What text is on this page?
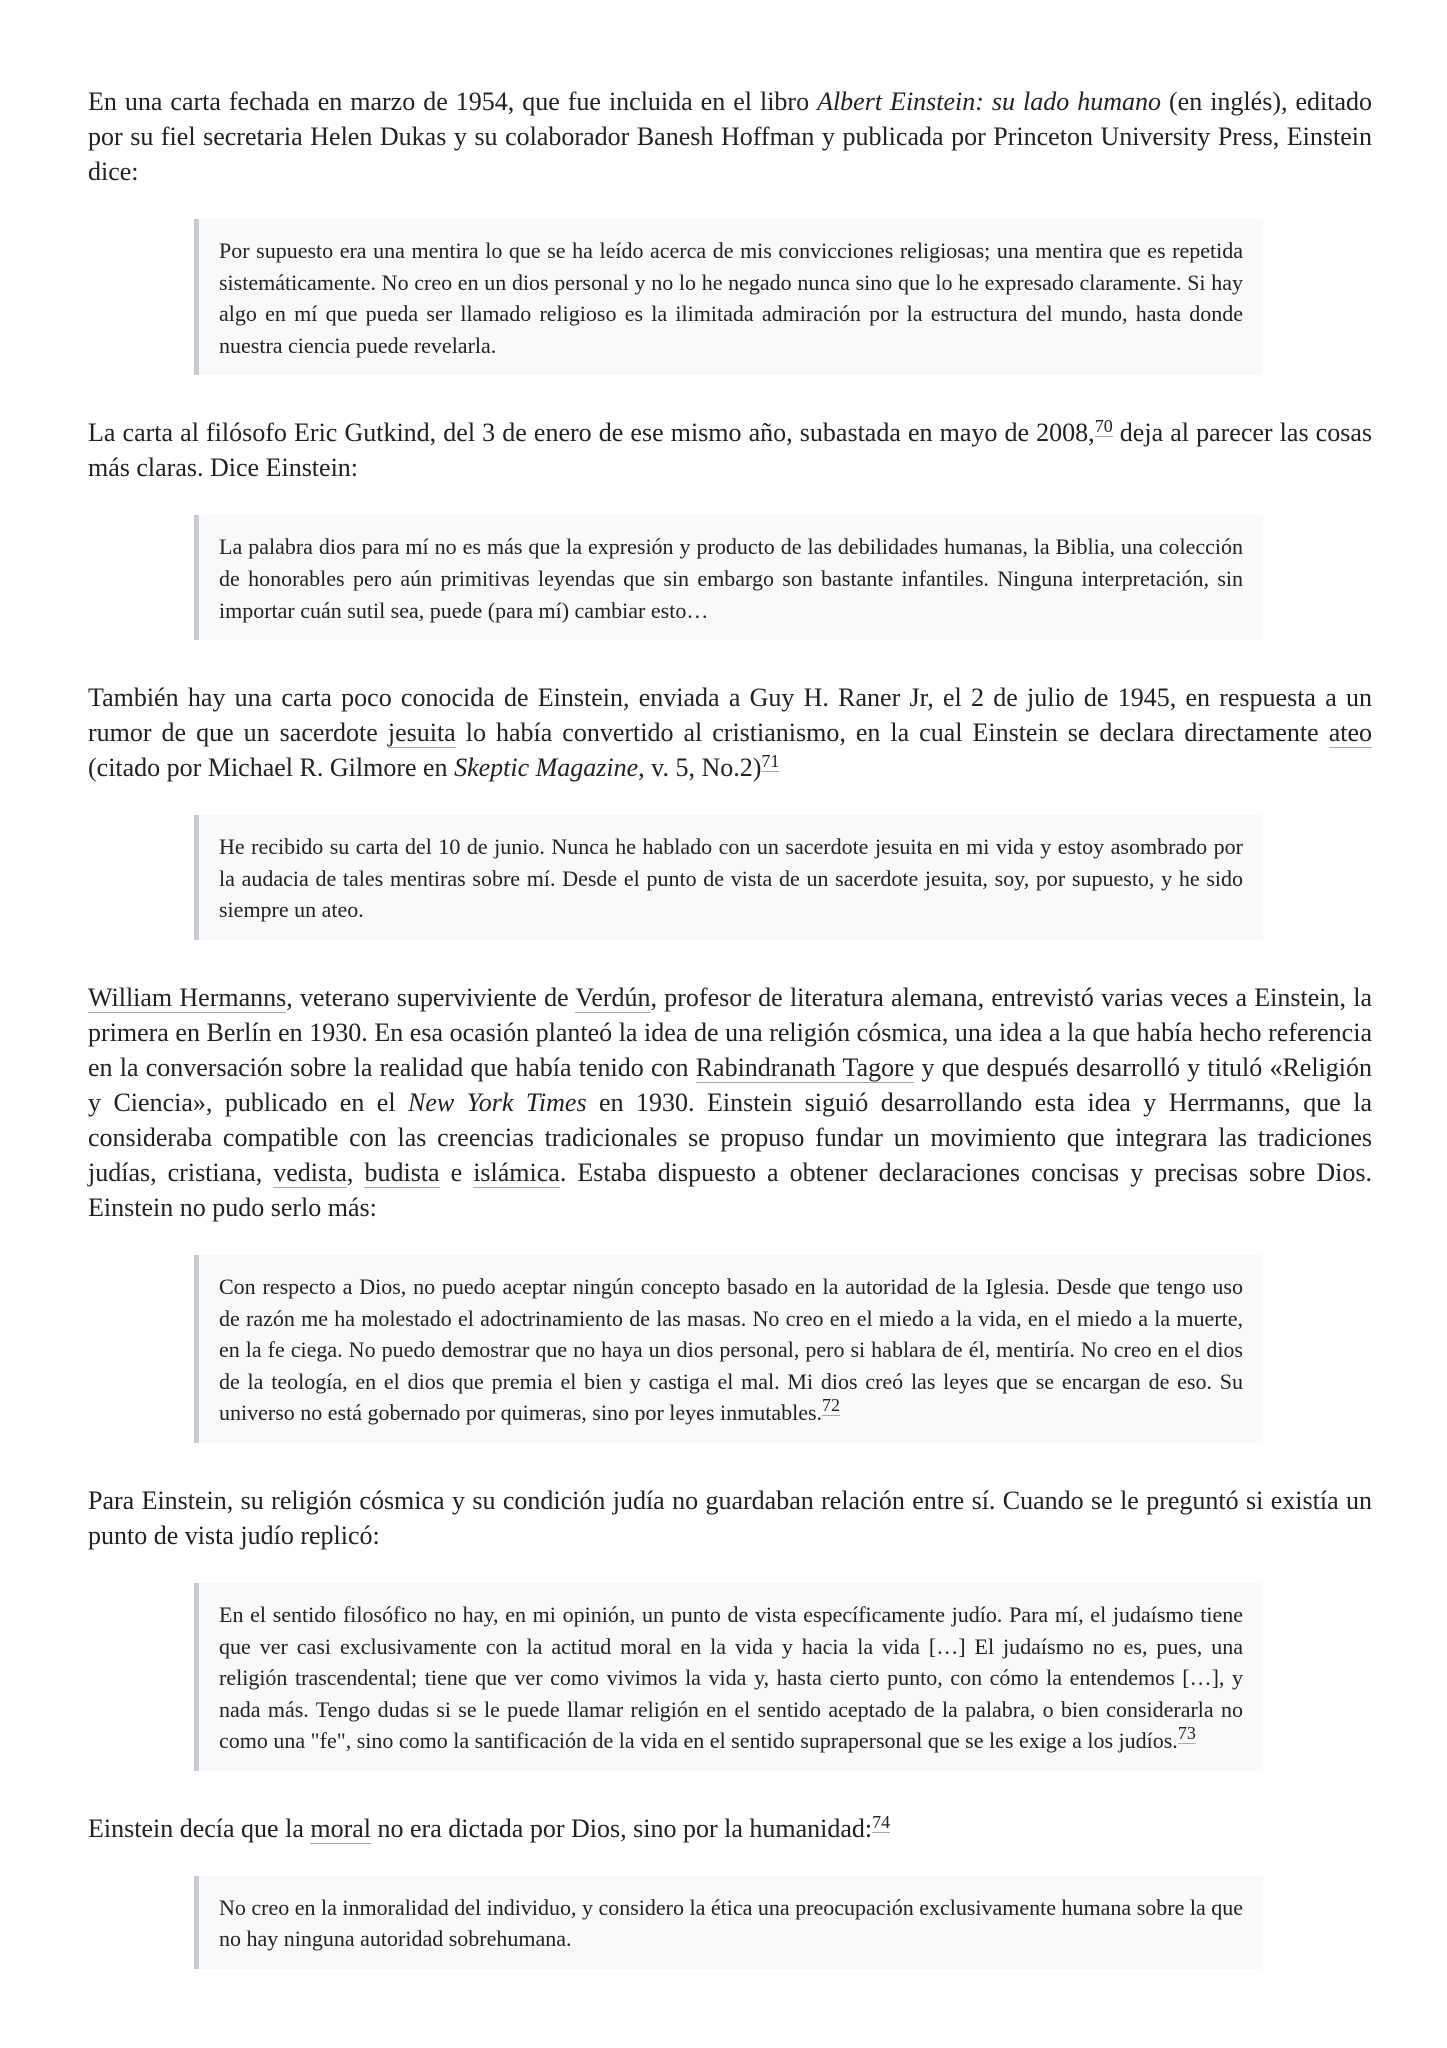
En una carta fechada en marzo de 1954, que fue incluida en el libro Albert Einstein: su lado humano (en inglés), editado por su fiel secretaria Helen Dukas y su colaborador Banesh Hoffman y publicada por Princeton University Press, Einstein dice:

Por supuesto era una mentira lo que se ha leído acerca de mis convicciones religiosas; una mentira que es repetida sistemáticamente. No creo en un dios personal y no lo he negado nunca sino que lo he expresado claramente. Si hay algo en mí que pueda ser llamado religioso es la ilimitada admiración por la estructura del mundo, hasta donde nuestra ciencia puede revelarla.

La carta al filósofo Eric Gutkind, del 3 de enero de ese mismo año, subastada en mayo de 2008,70 deja al parecer las cosas más claras. Dice Einstein:

La palabra dios para mí no es más que la expresión y producto de las debilidades humanas, la Biblia, una colección de honorables pero aún primitivas leyendas que sin embargo son bastante infantiles. Ninguna interpretación, sin importar cuán sutil sea, puede (para mí) cambiar esto…

También hay una carta poco conocida de Einstein, enviada a Guy H. Raner Jr, el 2 de julio de 1945, en respuesta a un rumor de que un sacerdote jesuita lo había convertido al cristianismo, en la cual Einstein se declara directamente ateo (citado por Michael R. Gilmore en Skeptic Magazine, v. 5, No.2)$^{71}$

He recibido su carta del 10 de junio. Nunca he hablado con un sacerdote jesuita en mi vida y estoy asombrado por la audacia de tales mentiras sobre mí. Desde el punto de vista de un sacerdote jesuita, soy, por supuesto, y he sido siempre un ateo.

William Hermanns, veterano superviviente de Verdún, profesor de literatura alemana, entrevistó varias veces a Einstein, la primera en Berlín en 1930. En esa ocasión planteó la idea de una religión cósmica, una idea a la que había hecho referencia en la conversación sobre la realidad que había tenido con Rabindranath Tagore y que después desarrolló y tituló «Religión y Ciencia», publicado en el New York Times en 1930. Einstein siguió desarrollando esta idea y Herrmanns, que la consideraba compatible con las creencias tradicionales se propuso fundar un movimiento que integrara las tradiciones judías, cristiana, vedista, budista e islámica. Estaba dispuesto a obtener declaraciones concisas y precisas sobre Dios. Einstein no pudo serlo más:

Con respecto a Dios, no puedo aceptar ningún concepto basado en la autoridad de la Iglesia. Desde que tengo uso de razón me ha molestado el adoctrinamiento de las masas. No creo en el miedo a la vida, en el miedo a la muerte, en la fe ciega. No puedo demostrar que no haya un dios personal, pero si hablara de él, mentiría. No creo en el dios de la teología, en el dios que premia el bien y castiga el mal. Mi dios creó las leyes que se encargan de eso. Su universo no está gobernado por quimeras, sino por leyes inmutables.$^{72}$

Para Einstein, su religión cósmica y su condición judía no guardaban relación entre sí. Cuando se le preguntó si existía un punto de vista judío replicó:

En el sentido filosófico no hay, en mi opinión, un punto de vista específicamente judío. Para mí, el judaísmo tiene que ver casi exclusivamente con la actitud moral en la vida y hacia la vida […] El judaísmo no es, pues, una religión trascendental; tiene que ver como vivimos la vida y, hasta cierto punto, con cómo la entendemos […], y nada más. Tengo dudas si se le puede llamar religión en el sentido aceptado de la palabra, o bien considerarla no como una "fe", sino como la santificación de la vida en el sentido suprapersonal que se les exige a los judíos.$^{73}$

Einstein decía que la moral no era dictada por Dios, sino por la humanidad:$^{74}$

No creo en la inmoralidad del individuo, y considero la ética una preocupación exclusivamente humana sobre la que no hay ninguna autoridad sobrehumana.
